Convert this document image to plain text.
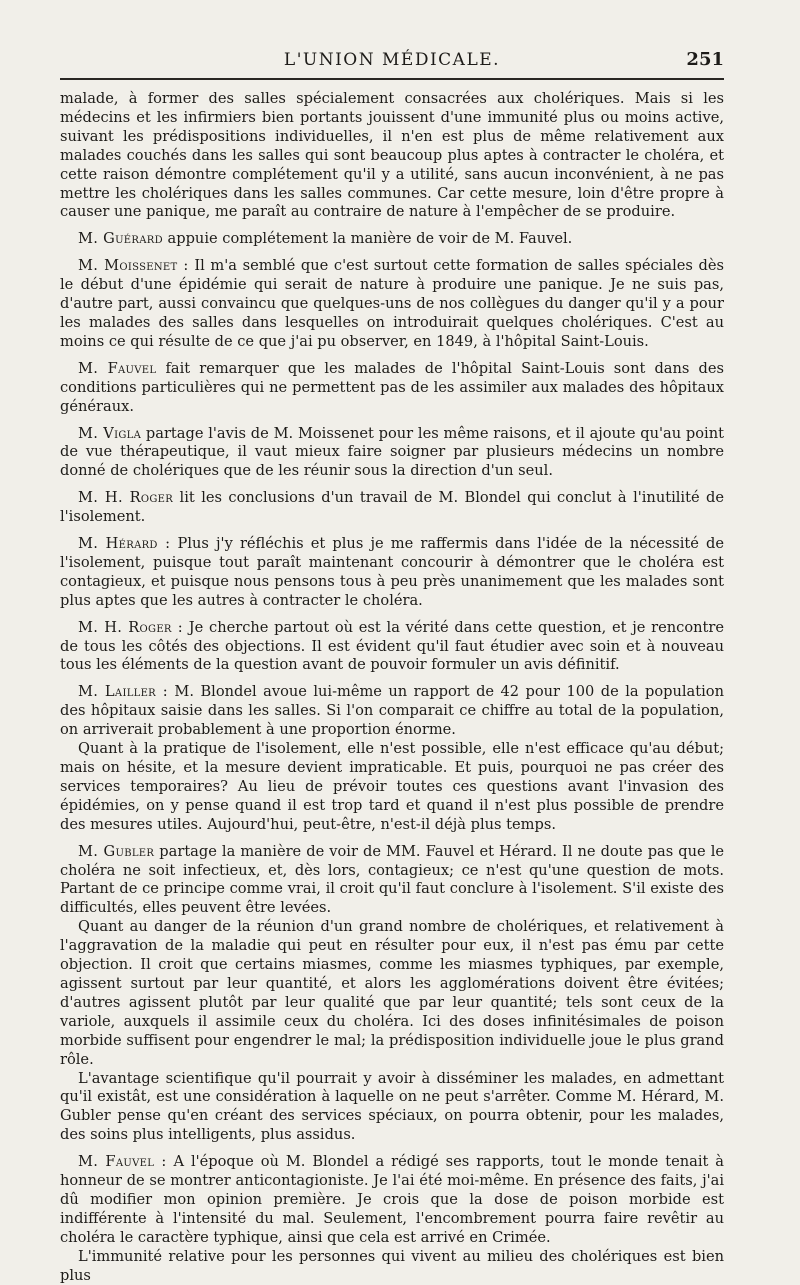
L'UNION MÉDICALE.	251

malade, à former des salles spécialement consacrées aux cholériques. Mais si les médecins et les infirmiers bien portants jouissent d'une immunité plus ou moins active, suivant les prédispositions individuelles, il n'en est plus de même relativement aux malades couchés dans les salles qui sont beaucoup plus aptes à contracter le choléra, et cette raison démontre complétement qu'il y a utilité, sans aucun inconvénient, à ne pas mettre les cholériques dans les salles communes. Car cette mesure, loin d'être propre à causer une panique, me paraît au contraire de nature à l'empêcher de se produire.

M. Guérard appuie complétement la manière de voir de M. Fauvel.

M. Moissenet : Il m'a semblé que c'est surtout cette formation de salles spéciales dès le début d'une épidémie qui serait de nature à produire une panique. Je ne suis pas, d'autre part, aussi convaincu que quelques-uns de nos collègues du danger qu'il y a pour les malades des salles dans lesquelles on introduirait quelques cholériques. C'est au moins ce qui résulte de ce que j'ai pu observer, en 1849, à l'hôpital Saint-Louis.

M. Fauvel fait remarquer que les malades de l'hôpital Saint-Louis sont dans des conditions particulières qui ne permettent pas de les assimiler aux malades des hôpitaux généraux.

M. Vigla partage l'avis de M. Moissenet pour les même raisons, et il ajoute qu'au point de vue thérapeutique, il vaut mieux faire soigner par plusieurs médecins un nombre donné de cholériques que de les réunir sous la direction d'un seul.

M. H. Roger lit les conclusions d'un travail de M. Blondel qui conclut à l'inutilité de l'isolement.

M. Hérard : Plus j'y réfléchis et plus je me raffermis dans l'idée de la nécessité de l'isolement, puisque tout paraît maintenant concourir à démontrer que le choléra est contagieux, et puisque nous pensons tous à peu près unanimement que les malades sont plus aptes que les autres à contracter le choléra.

M. H. Roger : Je cherche partout où est la vérité dans cette question, et je rencontre de tous les côtés des objections. Il est évident qu'il faut étudier avec soin et à nouveau tous les éléments de la question avant de pouvoir formuler un avis définitif.

M. Lailler : M. Blondel avoue lui-même un rapport de 42 pour 100 de la population des hôpitaux saisie dans les salles. Si l'on comparait ce chiffre au total de la population, on arriverait probablement à une proportion énorme.

Quant à la pratique de l'isolement, elle n'est possible, elle n'est efficace qu'au début; mais on hésite, et la mesure devient impraticable. Et puis, pourquoi ne pas créer des services temporaires? Au lieu de prévoir toutes ces questions avant l'invasion des épidémies, on y pense quand il est trop tard et quand il n'est plus possible de prendre des mesures utiles. Aujourd'hui, peut-être, n'est-il déjà plus temps.

M. Gubler partage la manière de voir de MM. Fauvel et Hérard. Il ne doute pas que le choléra ne soit infectieux, et, dès lors, contagieux; ce n'est qu'une question de mots. Partant de ce principe comme vrai, il croit qu'il faut conclure à l'isolement. S'il existe des difficultés, elles peuvent être levées.

Quant au danger de la réunion d'un grand nombre de cholériques, et relativement à l'aggravation de la maladie qui peut en résulter pour eux, il n'est pas ému par cette objection. Il croit que certains miasmes, comme les miasmes typhiques, par exemple, agissent surtout par leur quantité, et alors les agglomérations doivent être évitées; d'autres agissent plutôt par leur qualité que par leur quantité; tels sont ceux de la variole, auxquels il assimile ceux du choléra. Ici des doses infinitésimales de poison morbide suffisent pour engendrer le mal; la prédisposition individuelle joue le plus grand rôle.

L'avantage scientifique qu'il pourrait y avoir à disséminer les malades, en admettant qu'il existât, est une considération à laquelle on ne peut s'arrêter. Comme M. Hérard, M. Gubler pense qu'en créant des services spéciaux, on pourra obtenir, pour les malades, des soins plus intelligents, plus assidus.

M. Fauvel : A l'époque où M. Blondel a rédigé ses rapports, tout le monde tenait à honneur de se montrer anticontagioniste. Je l'ai été moi-même. En présence des faits, j'ai dû modifier mon opinion première. Je crois que la dose de poison morbide est indifférente à l'intensité du mal. Seulement, l'encombrement pourra faire revêtir au choléra le caractère typhique, ainsi que cela est arrivé en Crimée.

L'immunité relative pour les personnes qui vivent au milieu des cholériques est bien plus
